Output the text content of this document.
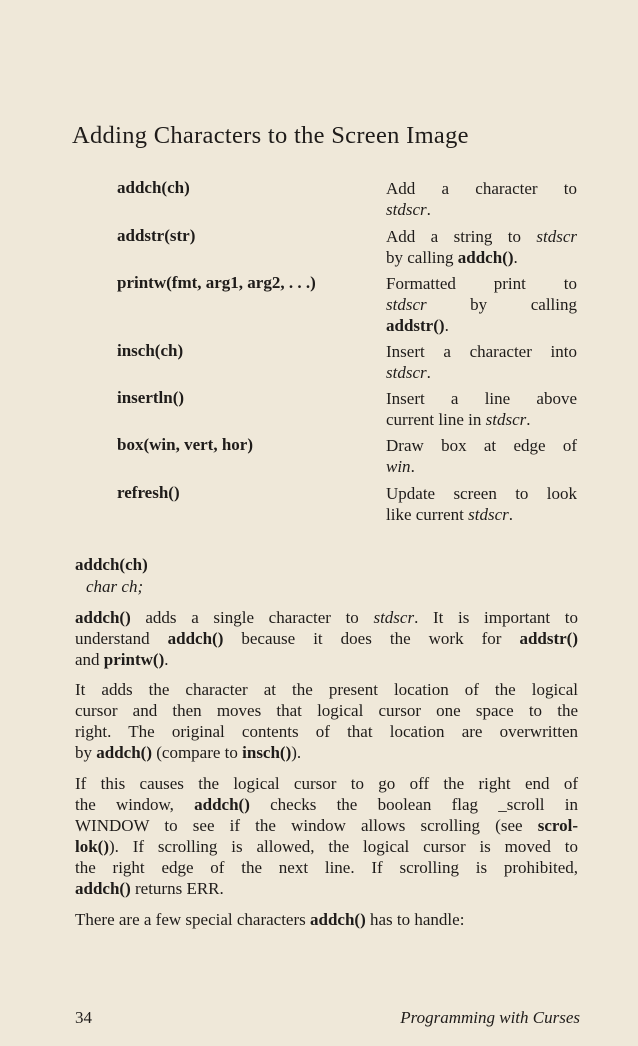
Adding Characters to the Screen Image
addch(ch)	Add a character to
stdscr.
addstr(str)	Add a string to stdscr
by calling addch().
printw(fmt, arg1, arg2, . . .)	Formatted print to
stdscr by calling
addstr().
insch(ch)	Insert a character into
stdscr.
insertln()	Insert a line above
current line in stdscr.
box(win, vert, hor)	Draw box at edge of
win.
refresh()	Update screen to look
like current stdscr.
addch(ch)
char ch;
addch() adds a single character to stdscr. It is important to
understand addch() because it does the work for addstr()
and printw().
It adds the character at the present location of the logical
cursor and then moves that logical cursor one space to the
right. The original contents of that location are overwritten
by addch() (compare to insch()).
If this causes the logical cursor to go off the right end of
the window, addch() checks the boolean flag _scroll in
WINDOW to see if the window allows scrolling (see scrol-
lok()). If scrolling is allowed, the logical cursor is moved to
the right edge of the next line. If scrolling is prohibited,
addch() returns ERR.
There are a few special characters addch() has to handle:
34	Programming with Curses
